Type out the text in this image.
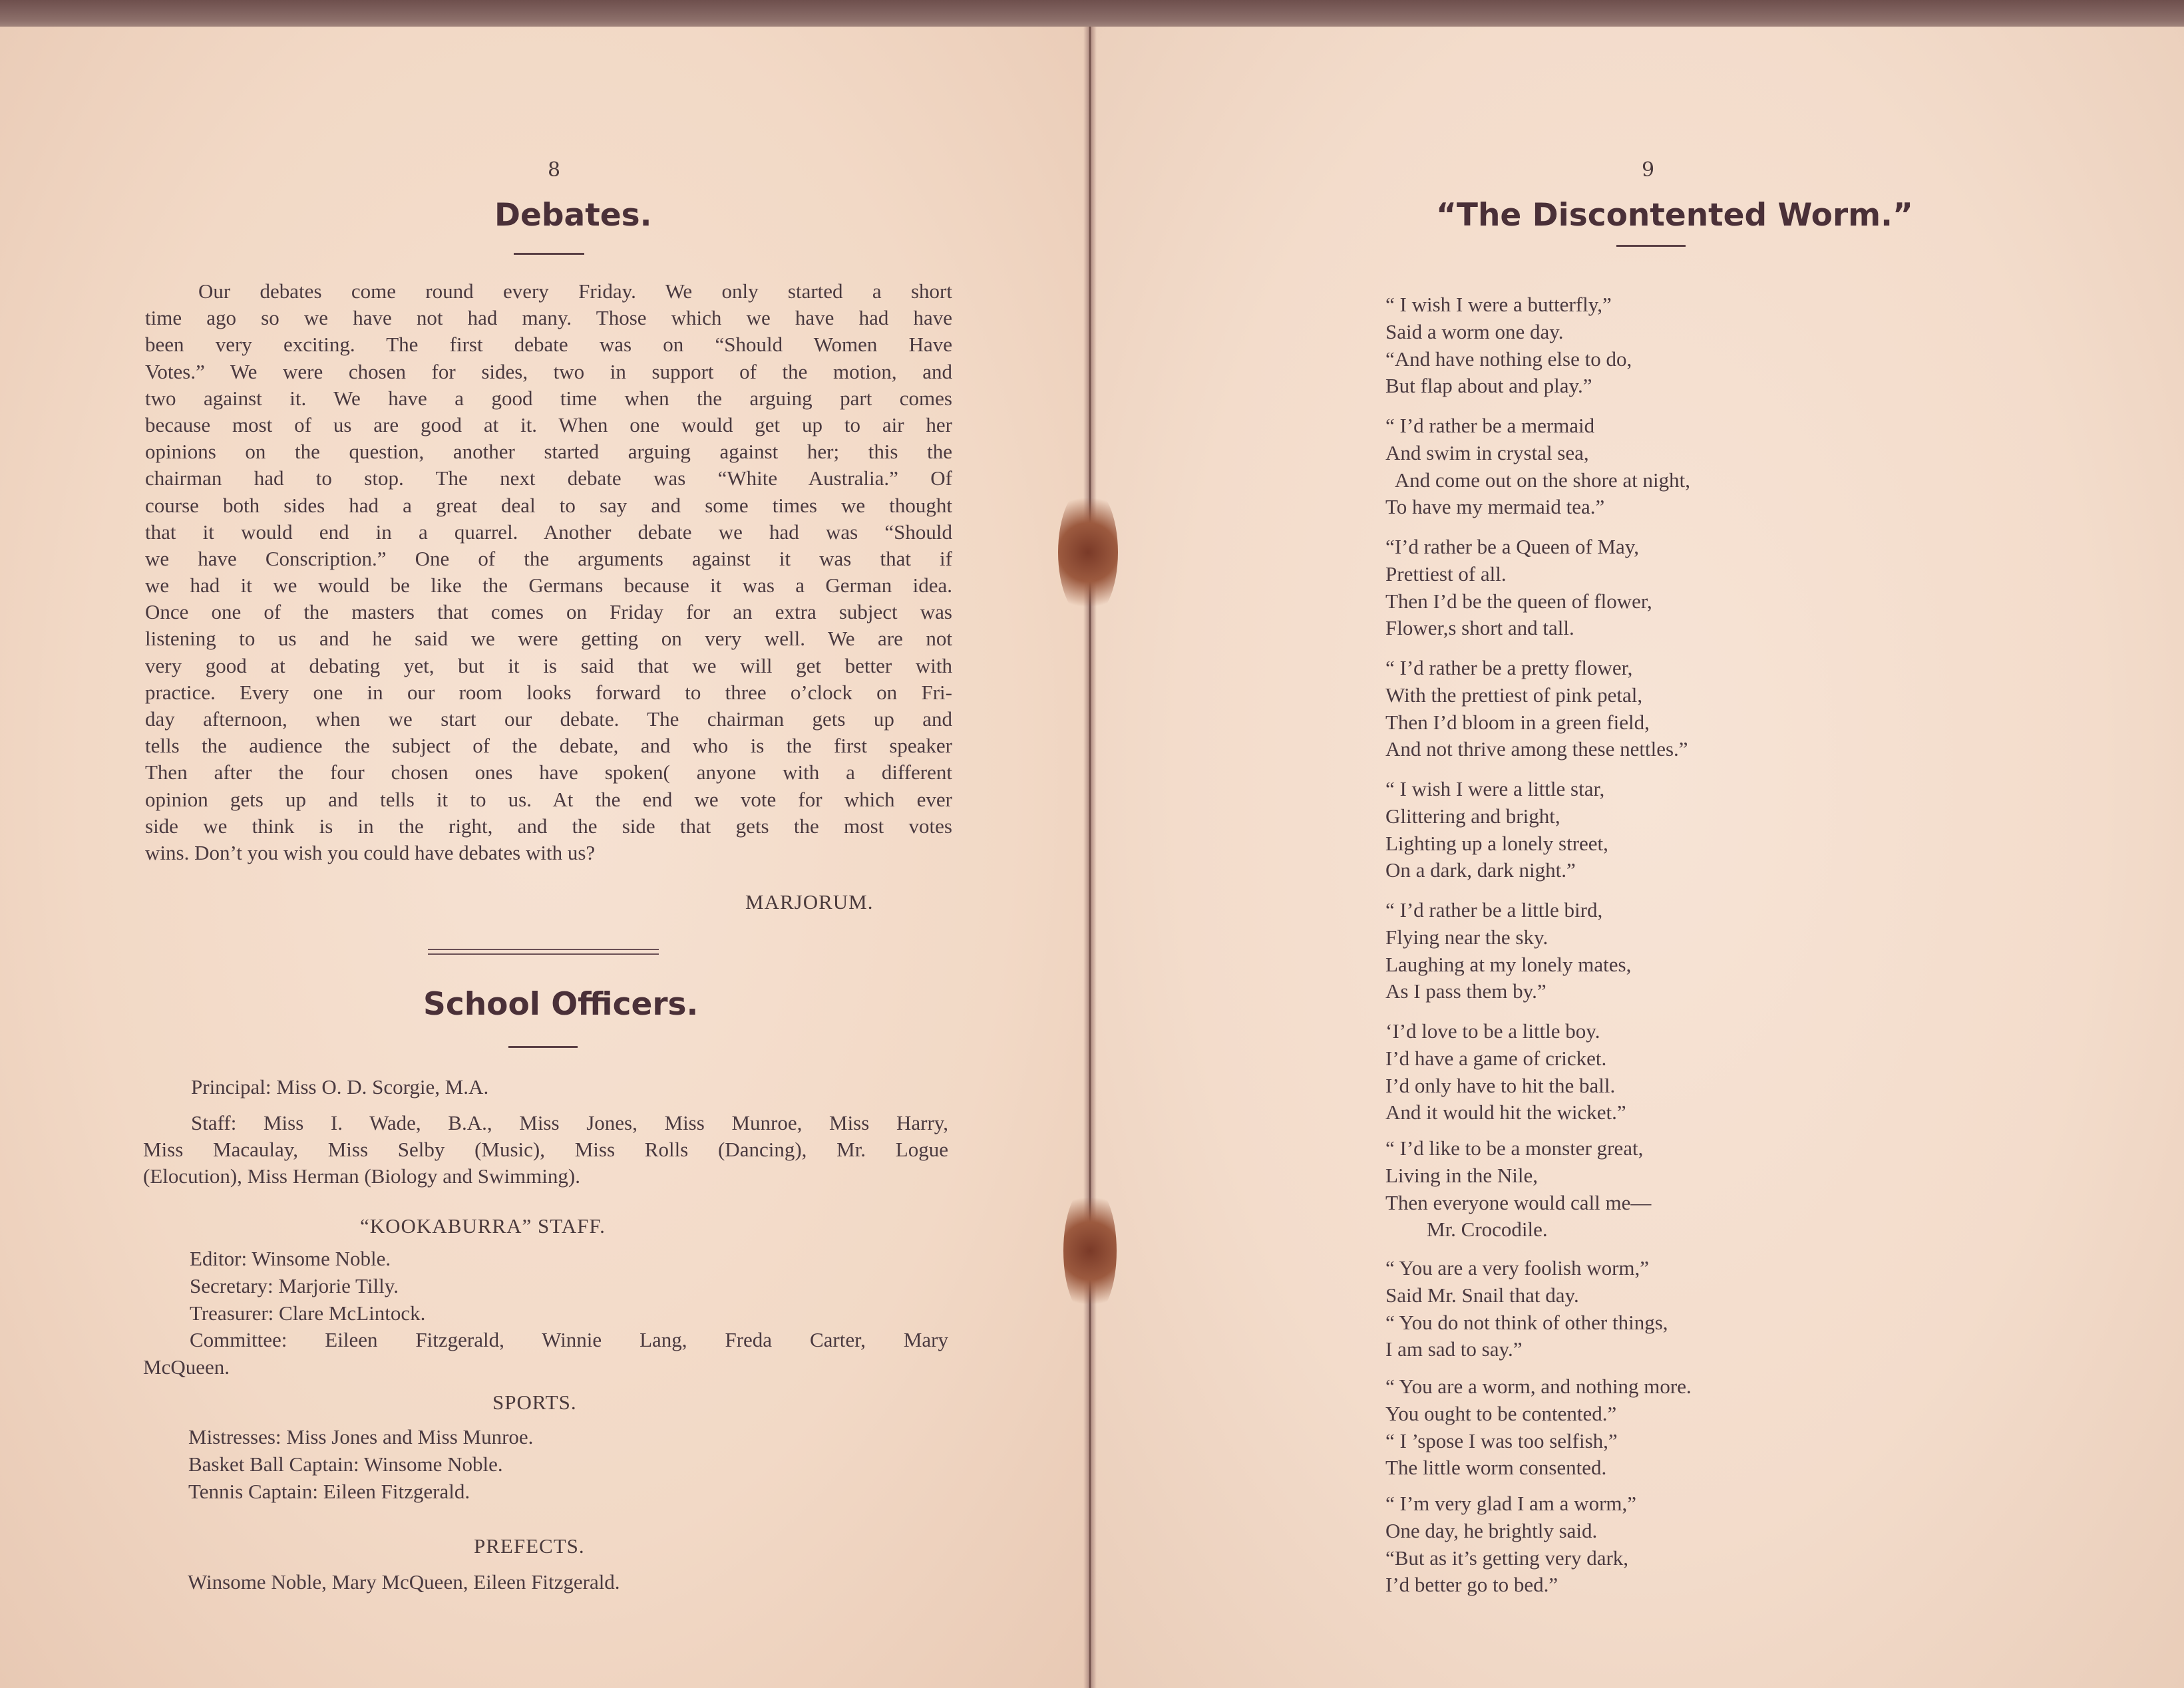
8
Debates.
Our debates come round every Friday. We only started a short
time ago so we have not had many. Those which we have had have
been very exciting. The first debate was on “Should Women Have
Votes.” We were chosen for sides, two in support of the motion, and
two against it. We have a good time when the arguing part comes
because most of us are good at it. When one would get up to air her
opinions on the question, another started arguing against her; this the
chairman had to stop. The next debate was “White Australia.” Of
course both sides had a great deal to say and some times we thought
that it would end in a quarrel. Another debate we had was “Should
we have Conscription.” One of the arguments against it was that if
we had it we would be like the Germans because it was a German idea.
Once one of the masters that comes on Friday for an extra subject was
listening to us and he said we were getting on very well. We are not
very good at debating yet, but it is said that we will get better with
practice. Every one in our room looks forward to three o’clock on Fri-
day afternoon, when we start our debate. The chairman gets up and
tells the audience the subject of the debate, and who is the first speaker
Then after the four chosen ones have spoken( anyone with a different
opinion gets up and tells it to us. At the end we vote for which ever
side we think is in the right, and the side that gets the most votes
wins. Don’t you wish you could have debates with us?
MARJORUM.
School Officers.
Principal: Miss O. D. Scorgie, M.A.
Staff: Miss I. Wade, B.A., Miss Jones, Miss Munroe, Miss Harry,
Miss Macaulay, Miss Selby (Music), Miss Rolls (Dancing), Mr. Logue
(Elocution), Miss Herman (Biology and Swimming).
“KOOKABURRA” STAFF.
Editor: Winsome Noble.
Secretary: Marjorie Tilly.
Treasurer: Clare McLintock.
Committee: Eileen Fitzgerald, Winnie Lang, Freda Carter, Mary
McQueen.
SPORTS.
Mistresses: Miss Jones and Miss Munroe.
Basket Ball Captain: Winsome Noble.
Tennis Captain: Eileen Fitzgerald.
PREFECTS.
Winsome Noble, Mary McQueen, Eileen Fitzgerald.
9
“The Discontented Worm.”
“ I wish I were a butterfly,”
Said a worm one day.
“And have nothing else to do,
But flap about and play.”
“ I’d rather be a mermaid
And swim in crystal sea,
And come out on the shore at night,
To have my mermaid tea.”
“I’d rather be a Queen of May,
Prettiest of all.
Then I’d be the queen of flower,
Flower,s short and tall.
“ I’d rather be a pretty flower,
With the prettiest of pink petal,
Then I’d bloom in a green field,
And not thrive among these nettles.”
“ I wish I were a little star,
Glittering and bright,
Lighting up a lonely street,
On a dark, dark night.”
“ I’d rather be a little bird,
Flying near the sky.
Laughing at my lonely mates,
As I pass them by.”
‘I’d love to be a little boy.
I’d have a game of cricket.
I’d only have to hit the ball.
And it would hit the wicket.”
“ I’d like to be a monster great,
Living in the Nile,
Then everyone would call me—
Mr. Crocodile.
“ You are a very foolish worm,”
Said Mr. Snail that day.
“ You do not think of other things,
I am sad to say.”
“ You are a worm, and nothing more.
You ought to be contented.”
“ I ’spose I was too selfish,”
The little worm consented.
“ I’m very glad I am a worm,”
One day, he brightly said.
“But as it’s getting very dark,
I’d better go to bed.”
